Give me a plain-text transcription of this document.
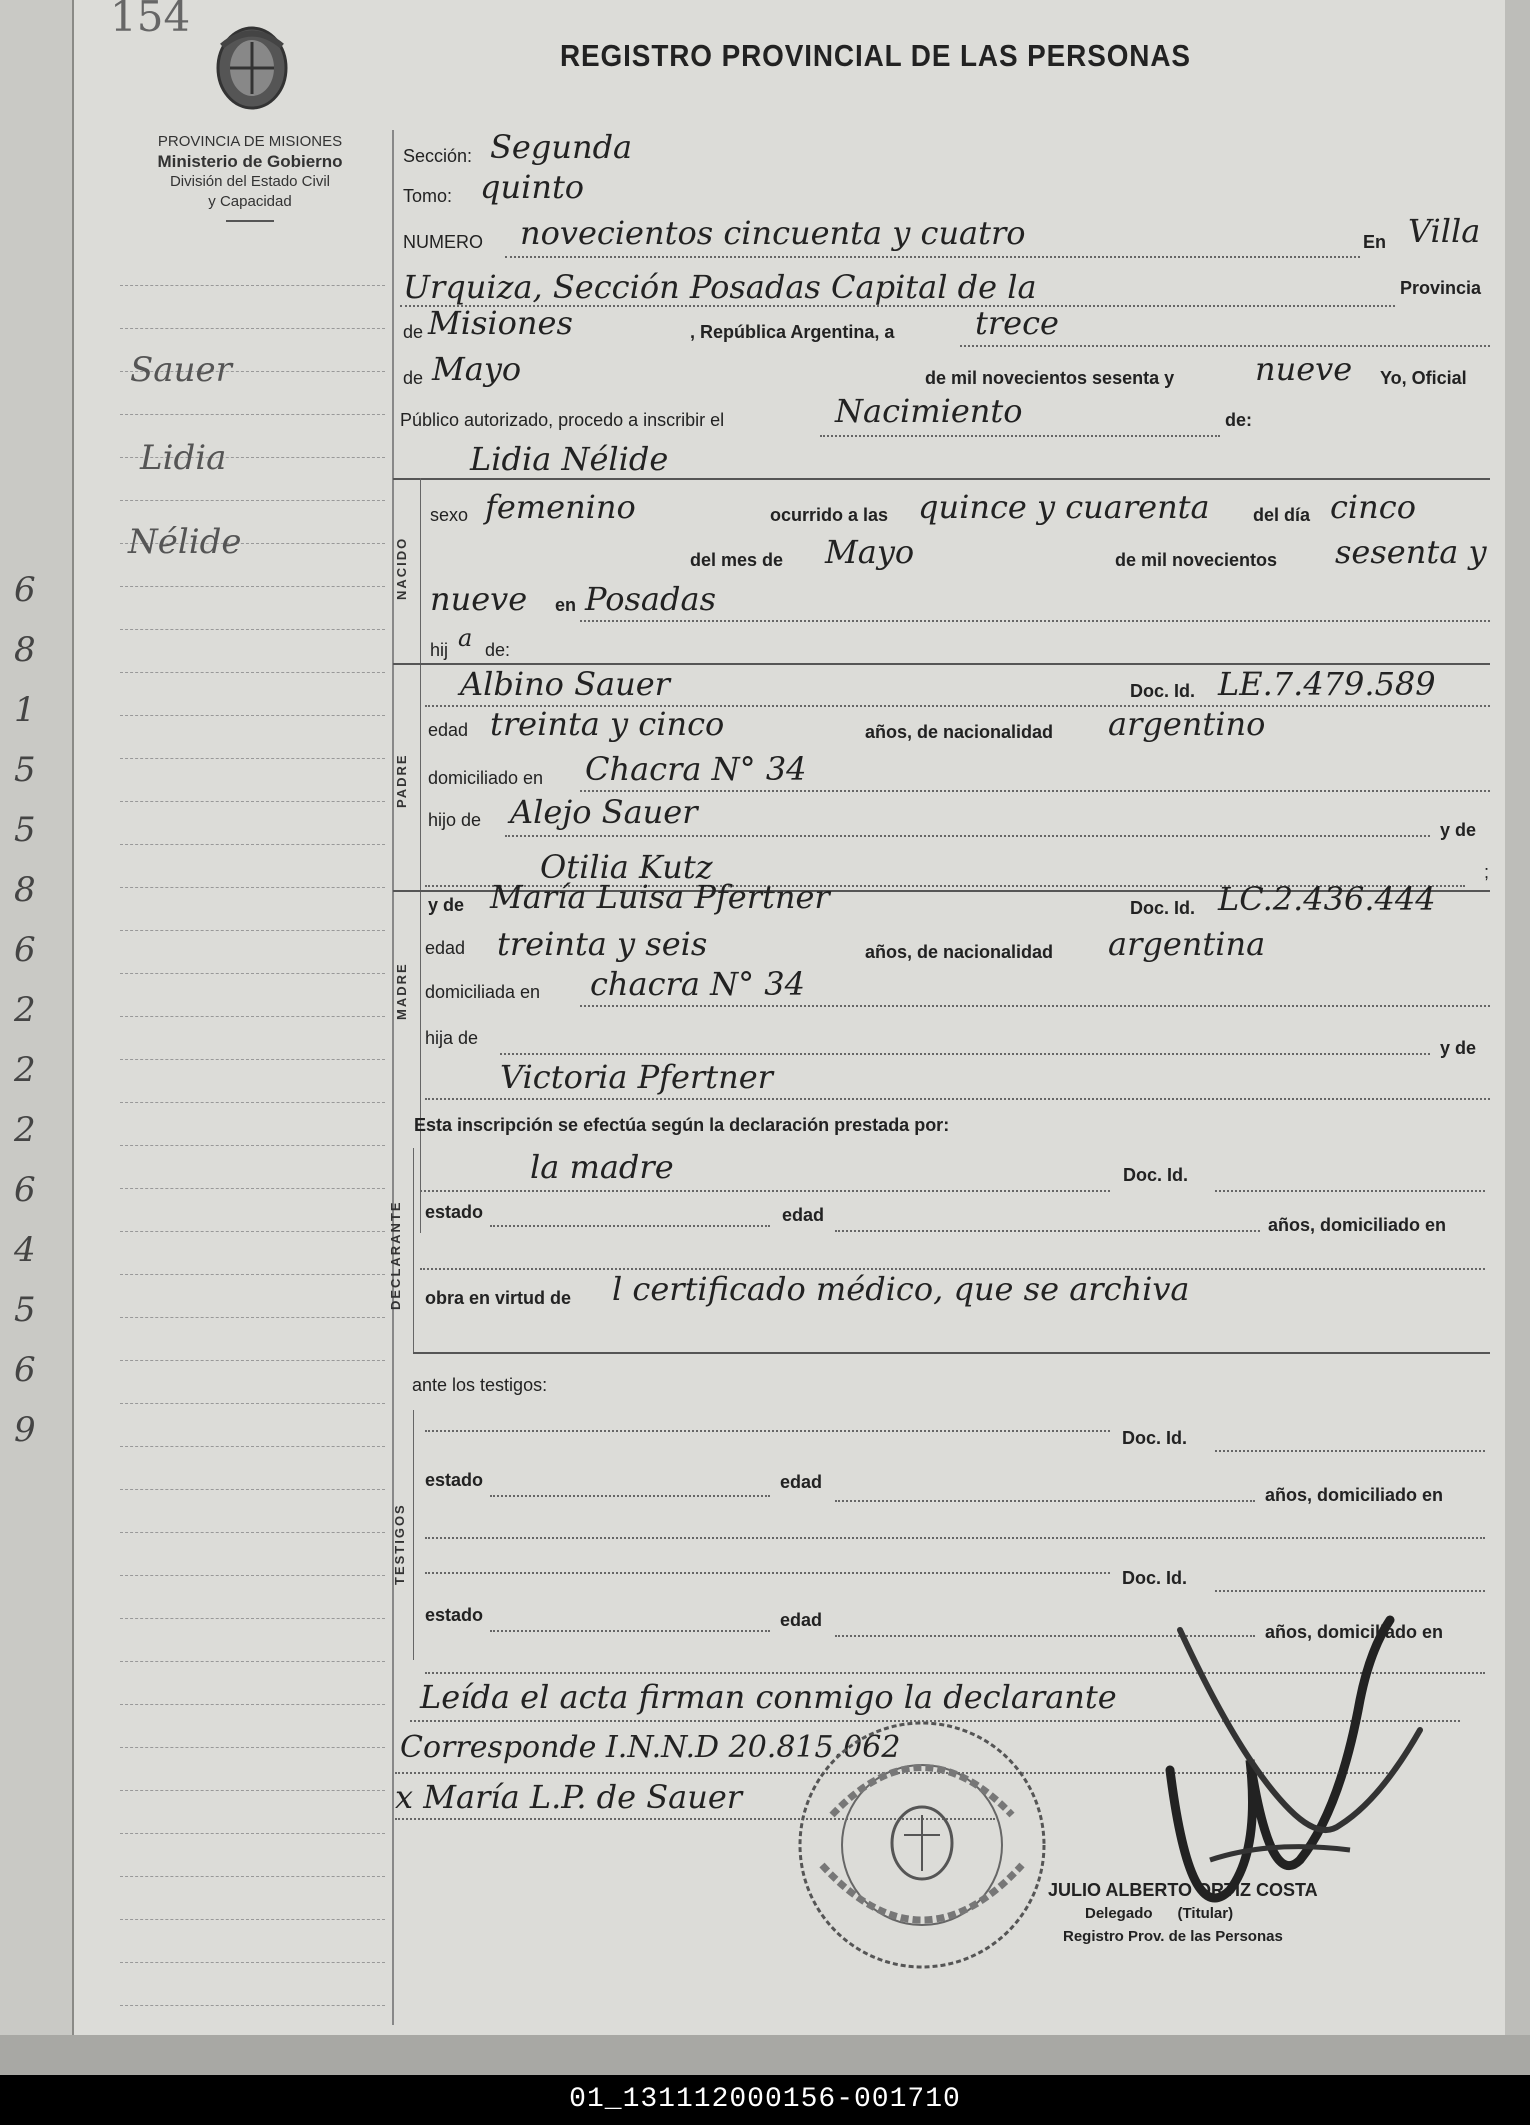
6
8
1
5
5
8
6
2
2
2
6
4
5
6
9
154
PROVINCIA DE MISIONES
Ministerio de Gobierno
División del Estado Civil
y Capacidad
REGISTRO PROVINCIAL DE LAS PERSONAS
Sauer
Lidia
Nélide
Sección: Segunda
Tomo: quinto
NUMERO novecientos cincuenta y cuatro	En Villa
Urquiza, Sección Posadas Capital de la	Provincia
de Misiones	, República Argentina, a	trece
de Mayo	de mil novecientos sesenta y	nueve Yo, Oficial
Público autorizado, procedo a inscribir el	Nacimiento	de:
NACIDO
Lidia Nélide
sexo femenino	ocurrido a las quince y cuarenta del día cinco
del mes de Mayo	de mil novecientos sesenta y
nueve en Posadas
hij a de:
PADRE
Albino Sauer	Doc. Id. LE.7.479.589
edad treinta y cinco	años, de nacionalidad argentino
domiciliado en Chacra N° 34
hijo de Alejo Sauer	y de
Otilia Kutz	;
MADRE
y de María Luisa Pfertner	Doc. Id. LC.2.436.444
edad treinta y seis	años, de nacionalidad argentina
domiciliada en chacra N° 34
hija de	y de
Victoria Pfertner
Esta inscripción se efectúa según la declaración prestada por:
DECLARANTE
la madre	Doc. Id.
estado	edad	años, domiciliado en
obra en virtud de l certificado médico, que se archiva
ante los testigos:
TESTIGOS
Doc. Id.
estado	edad
años, domiciliado en
Doc. Id.
estado	edad
años, domiciliado en
Leída el acta firman conmigo la declarante
Corresponde I.N.N.D 20.815.062
x María L.P. de Sauer
JULIO ALBERTO ORTIZ COSTA
Delegado      (Titular)
Registro Prov. de las Personas
01_131112000156-001710
